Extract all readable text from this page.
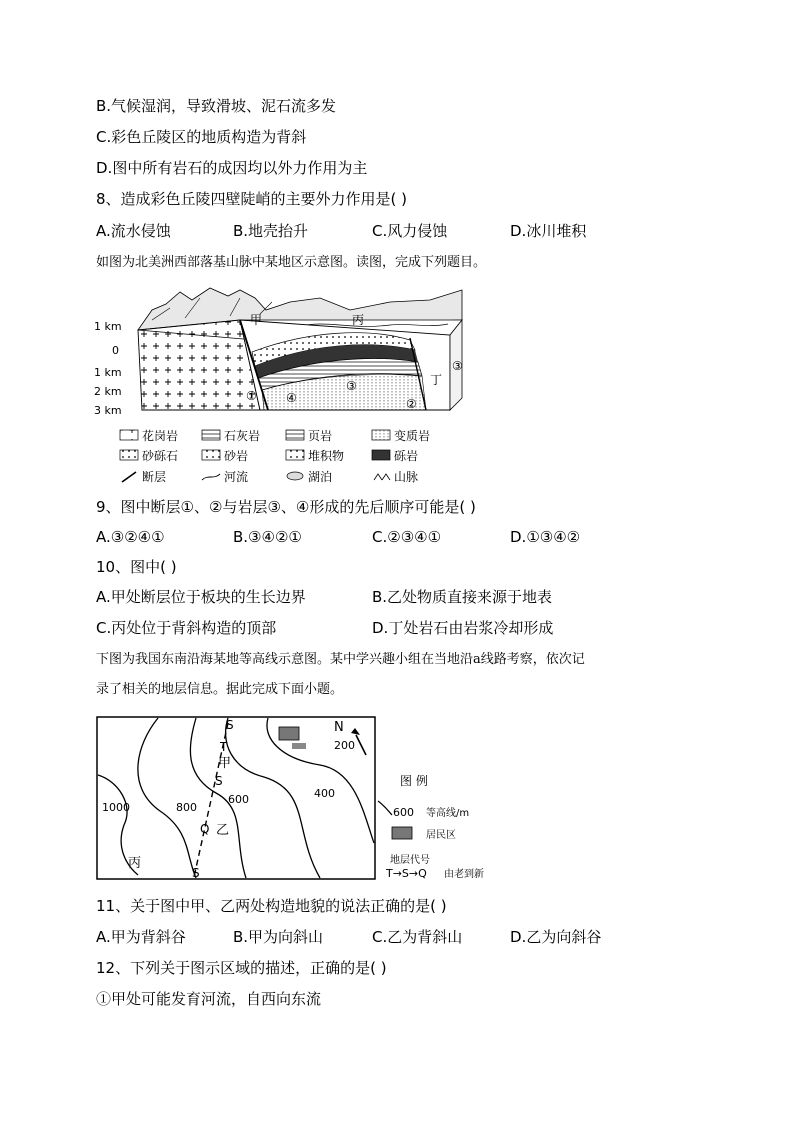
B.气候湿润，导致滑坡、泥石流多发
C.彩色丘陵区的地质构造为背斜
D.图中所有岩石的成因均以外力作用为主
8、造成彩色丘陵四壁陡峭的主要外力作用是( )
A.流水侵蚀	B.地壳抬升	C.风力侵蚀	D.冰川堆积
如图为北美洲西部落基山脉中某地区示意图。读图，完成下列题目。
1 km
0
1 km
2 km
3 km
甲	丙
丁
①
②
③
③
④
花岗岩	石灰岩	页岩	变质岩
砂砾石	砂岩	堆积物	砾岩
断层	河流	湖泊	山脉
9、图中断层①、②与岩层③、④形成的先后顺序可能是( )
A.③②④①	B.③④②①	C.②③④①	D.①③④②
10、图中( )
A.甲处断层位于板块的生长边界	B.乙处物质直接来源于地表
C.丙处位于背斜构造的顶部	D.丁处岩石由岩浆冷却形成
下图为我国东南沿海某地等高线示意图。某中学兴趣小组在当地沿a线路考察，依次记
录了相关的地层信息。据此完成下面小题。
N
1000	800
600	400
200
S
T
S
Q
S
甲
乙
丙
图 例
600 等高线/m
居民区
地层代号
T→S→Q 由老到新
11、关于图中甲、乙两处构造地貌的说法正确的是( )
A.甲为背斜谷	B.甲为向斜山	C.乙为背斜山	D.乙为向斜谷
12、下列关于图示区域的描述，正确的是( )
①甲处可能发育河流，自西向东流
